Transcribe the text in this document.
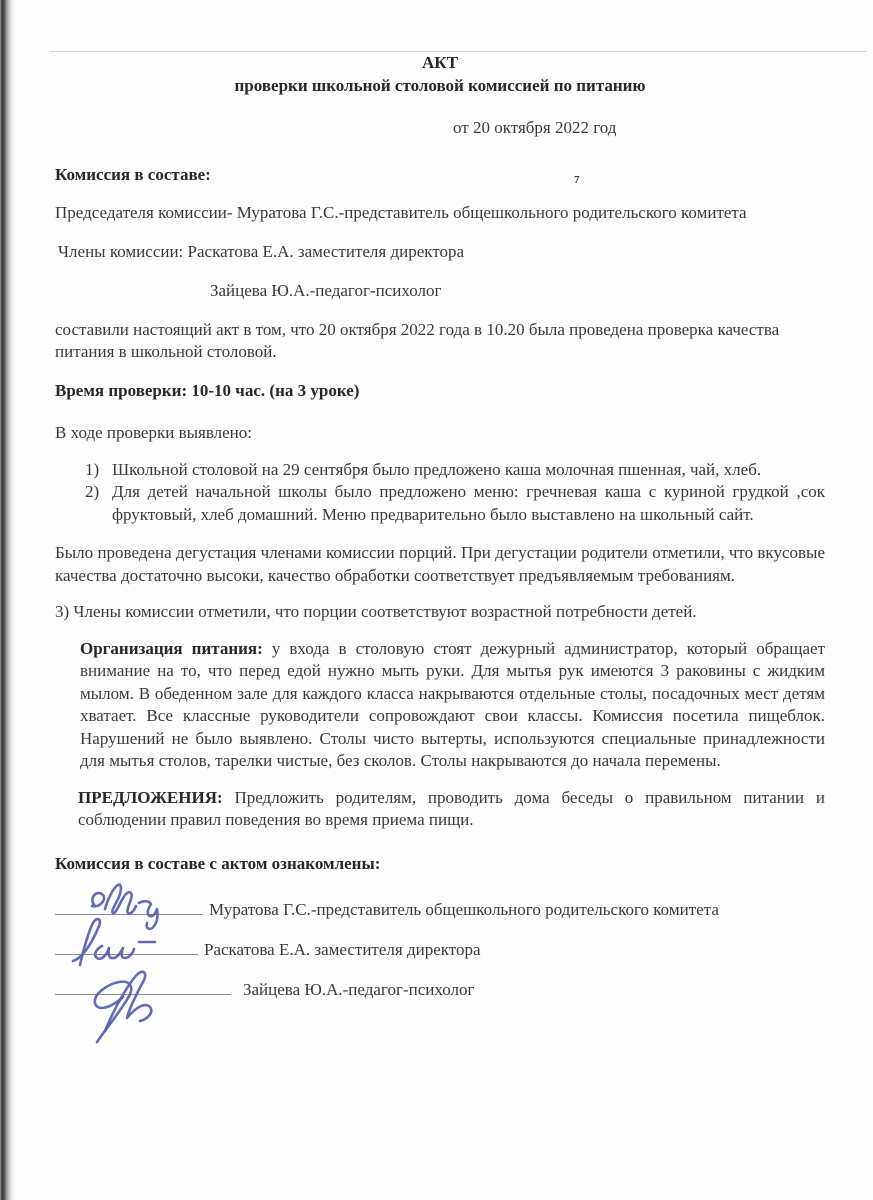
7
АКТ
проверки школьной столовой комиссией по питанию
от 20 октября 2022 год
Комиссия в составе:
Председателя комиссии- Муратова Г.С.-представитель общешкольного родительского комитета
Члены комиссии: Раскатова Е.А. заместителя директора
Зайцева Ю.А.-педагог-психолог
составили настоящий акт в том, что 20 октября 2022 года в 10.20 была проведена проверка качества питания в школьной столовой.
Время проверки: 10-10 час. (на 3 уроке)
В ходе проверки выявлено:
1) Школьной столовой на 29 сентября было предложено каша молочная пшенная, чай, хлеб.
2) Для детей начальной школы было предложено меню: гречневая каша с куриной грудкой ,сок фруктовый, хлеб домашний. Меню предварительно было выставлено на школьный сайт.
Было проведена дегустация членами комиссии порций. При дегустации родители отметили, что вкусовые качества достаточно высоки, качество обработки соответствует предъявляемым требованиям.
3) Члены комиссии отметили, что порции соответствуют возрастной потребности детей.
Организация питания: у входа в столовую стоят дежурный администратор, который обращает внимание на то, что перед едой нужно мыть руки. Для мытья рук имеются 3 раковины с жидким мылом. В обеденном зале для каждого класса накрываются отдельные столы, посадочных мест детям хватает. Все классные руководители сопровождают свои классы. Комиссия посетила пищеблок. Нарушений не было выявлено. Столы чисто вытерты, используются специальные принадлежности для мытья столов, тарелки чистые, без сколов. Столы накрываются до начала перемены.
ПРЕДЛОЖЕНИЯ: Предложить родителям, проводить дома беседы о правильном питании и соблюдении правил поведения во время приема пищи.
Комиссия в составе с актом ознакомлены:
Муратова Г.С.-представитель общешкольного родительского комитета
Раскатова Е.А. заместителя директора
Зайцева Ю.А.-педагог-психолог
